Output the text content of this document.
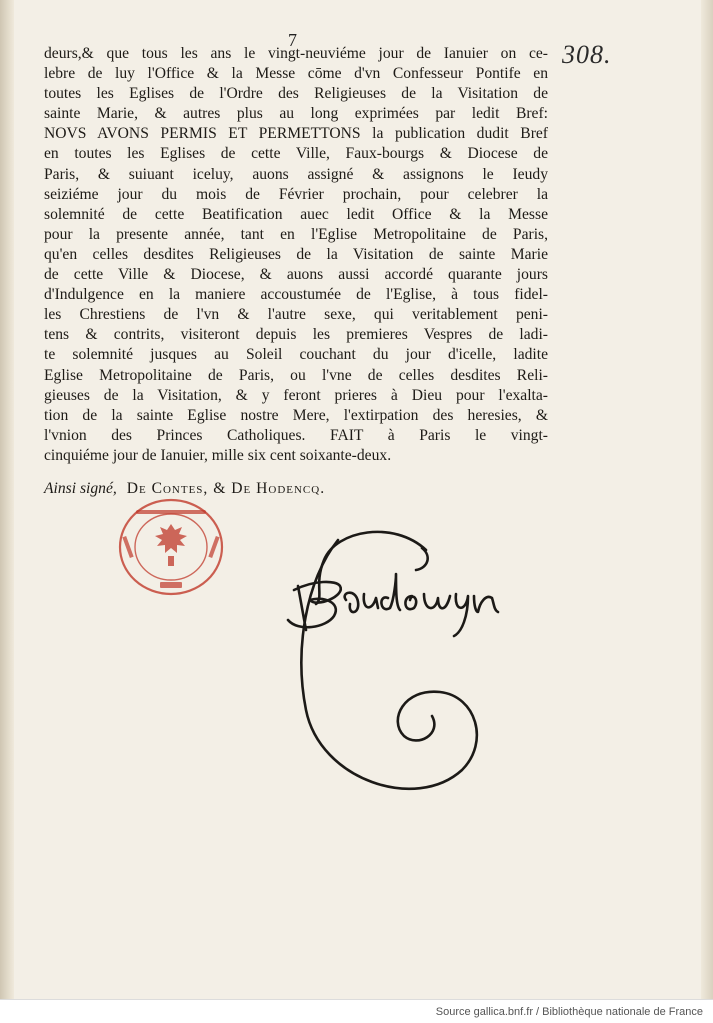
7	308.
deurs,& que tous les ans le vingt-neuviéme jour de Ianuier on ce-
lebre de luy l'Office & la Messe cōme d'vn Confesseur Pontife en
toutes les Eglises de l'Ordre des Religieuses de la Visitation de
sainte Marie, & autres plus au long exprimées par ledit Bref:
NOVS AVONS PERMIS ET PERMETTONS la publication dudit Bref
en toutes les Eglises de cette Ville, Faux-bourgs & Diocese de
Paris, & suiuant iceluy, auons assigné & assignons le Ieudy
seiziéme jour du mois de Février prochain, pour celebrer la
solemnité de cette Beatification auec ledit Office & la Messe
pour la presente année, tant en l'Eglise Metropolitaine de Paris,
qu'en celles desdites Religieuses de la Visitation de sainte Marie
de cette Ville & Diocese, & auons aussi accordé quarante jours
d'Indulgence en la maniere accoustumée de l'Eglise, à tous fidel-
les Chrestiens de l'vn & l'autre sexe, qui veritablement peni-
tens & contrits, visiteront depuis les premieres Vespres de ladi-
te solemnité jusques au Soleil couchant du jour d'icelle, ladite
Eglise Metropolitaine de Paris, ou l'vne de celles desdites Reli-
gieuses de la Visitation, & y feront prieres à Dieu pour l'exalta-
tion de la sainte Eglise nostre Mere, l'extirpation des heresies, &
l'vnion des Princes Catholiques. FAIT à Paris le vingt-
cinquiéme jour de Ianuier, mille six cent soixante-deux.
Ainsi signé, De Contes, & De Hodencq.
Source gallica.bnf.fr / Bibliothèque nationale de France
